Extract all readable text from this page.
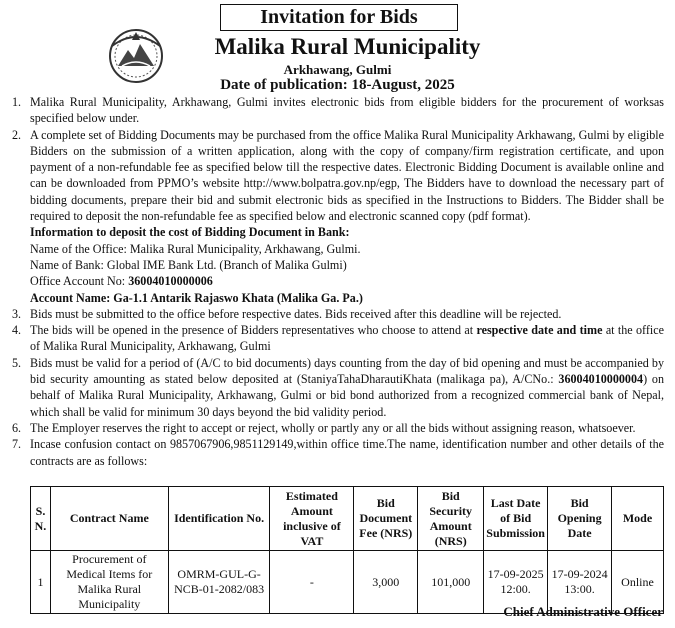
Invitation for Bids
Malika Rural Municipality
Arkhawang, Gulmi
Date of publication: 18-August, 2025
1. Malika Rural Municipality, Arkhawang, Gulmi invites electronic bids from eligible bidders for the procurement of worksas specified below under.
2. A complete set of Bidding Documents may be purchased from the office Malika Rural Municipality Arkhawang, Gulmi by eligible Bidders on the submission of a written application, along with the copy of company/firm registration certificate, and upon payment of a non-refundable fee as specified below till the respective dates. Electronic Bidding Document is available online and can be downloaded from PPMO’s website http://www.bolpatra.gov.np/egp, The Bidders have to download the necessary part of bidding documents, prepare their bid and submit electronic bids as specified in the Instructions to Bidders. The Bidder shall be required to deposit the non-refundable fee as specified below and electronic scanned copy (pdf format).
Information to deposit the cost of Bidding Document in Bank:
Name of the Office: Malika Rural Municipality, Arkhawang, Gulmi.
Name of Bank: Global IME Bank Ltd. (Branch of Malika Gulmi)
Office Account No: 36004010000006
Account Name: Ga-1.1 Antarik Rajaswo Khata (Malika Ga. Pa.)
3. Bids must be submitted to the office before respective dates. Bids received after this deadline will be rejected.
4. The bids will be opened in the presence of Bidders representatives who choose to attend at respective date and time at the office of Malika Rural Municipality, Arkhawang, Gulmi
5. Bids must be valid for a period of (A/C to bid documents) days counting from the day of bid opening and must be accompanied by bid security amounting as stated below deposited at (StaniyaTahaDharautiKhata (malikaga pa), A/CNo.: 36004010000004) on behalf of Malika Rural Municipality, Arkhawang, Gulmi or bid bond authorized from a recognized commercial bank of Nepal, which shall be valid for minimum 30 days beyond the bid validity period.
6. The Employer reserves the right to accept or reject, wholly or partly any or all the bids without assigning reason, whatsoever.
7. Incase confusion contact on 9857067906,9851129149,within office time.The name, identification number and other details of the contracts are as follows:
S. N.	Contract Name	Identification No.	Estimated Amount inclusive of VAT	Bid Document Fee (NRS)	Bid Security Amount (NRS)	Last Date of Bid Submission	Bid Opening Date	Mode
1	Procurement of Medical Items for Malika Rural Municipality	OMRM-GUL-G-NCB-01-2082/083	-	3,000	101,000	17-09-2025 12:00.	17-09-2024 13:00.	Online
Chief Administrative Officer
